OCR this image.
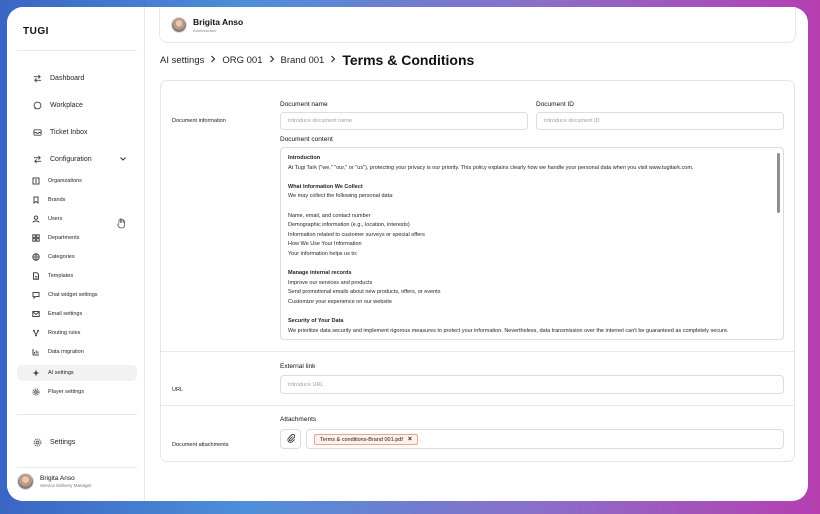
TUGI
Dashboard
Workplace
Ticket Inbox
Configuration
Organizations
Brands
Users
Departments
Categories
Templates
Chat widget settings
Email settings
Routing rules
Data migration
AI settings
Player settings
Settings
Brigita Anso
Service Delivery Manager
Brigita Anso
Administrator
AI settings ORG 001 Brand 001 Terms & Conditions
Document information
Document name
Introduce document name
Document ID
Introduce document ID
Document content
Introduction
At Tugi Tark ("we," "our," or "us"), protecting your privacy is our priority. This policy explains clearly how we handle your personal data when you visit www.tugitark.com.
What Information We Collect
We may collect the following personal data:
Name, email, and contact number
Demographic information (e.g., location, interests)
Information related to customer surveys or special offers
How We Use Your Information
Your information helps us to:
Manage internal records
Improve our services and products
Send promotional emails about new products, offers, or events
Customize your experience on our website
Security of Your Data
We prioritize data security and implement rigorous measures to protect your information. Nevertheless, data transmission over the internet can't be guaranteed as completely secure.
External link
URL
Introduce URL
Attachments
Document attachments
Terms & conditions-Brand 001.pdf ×
